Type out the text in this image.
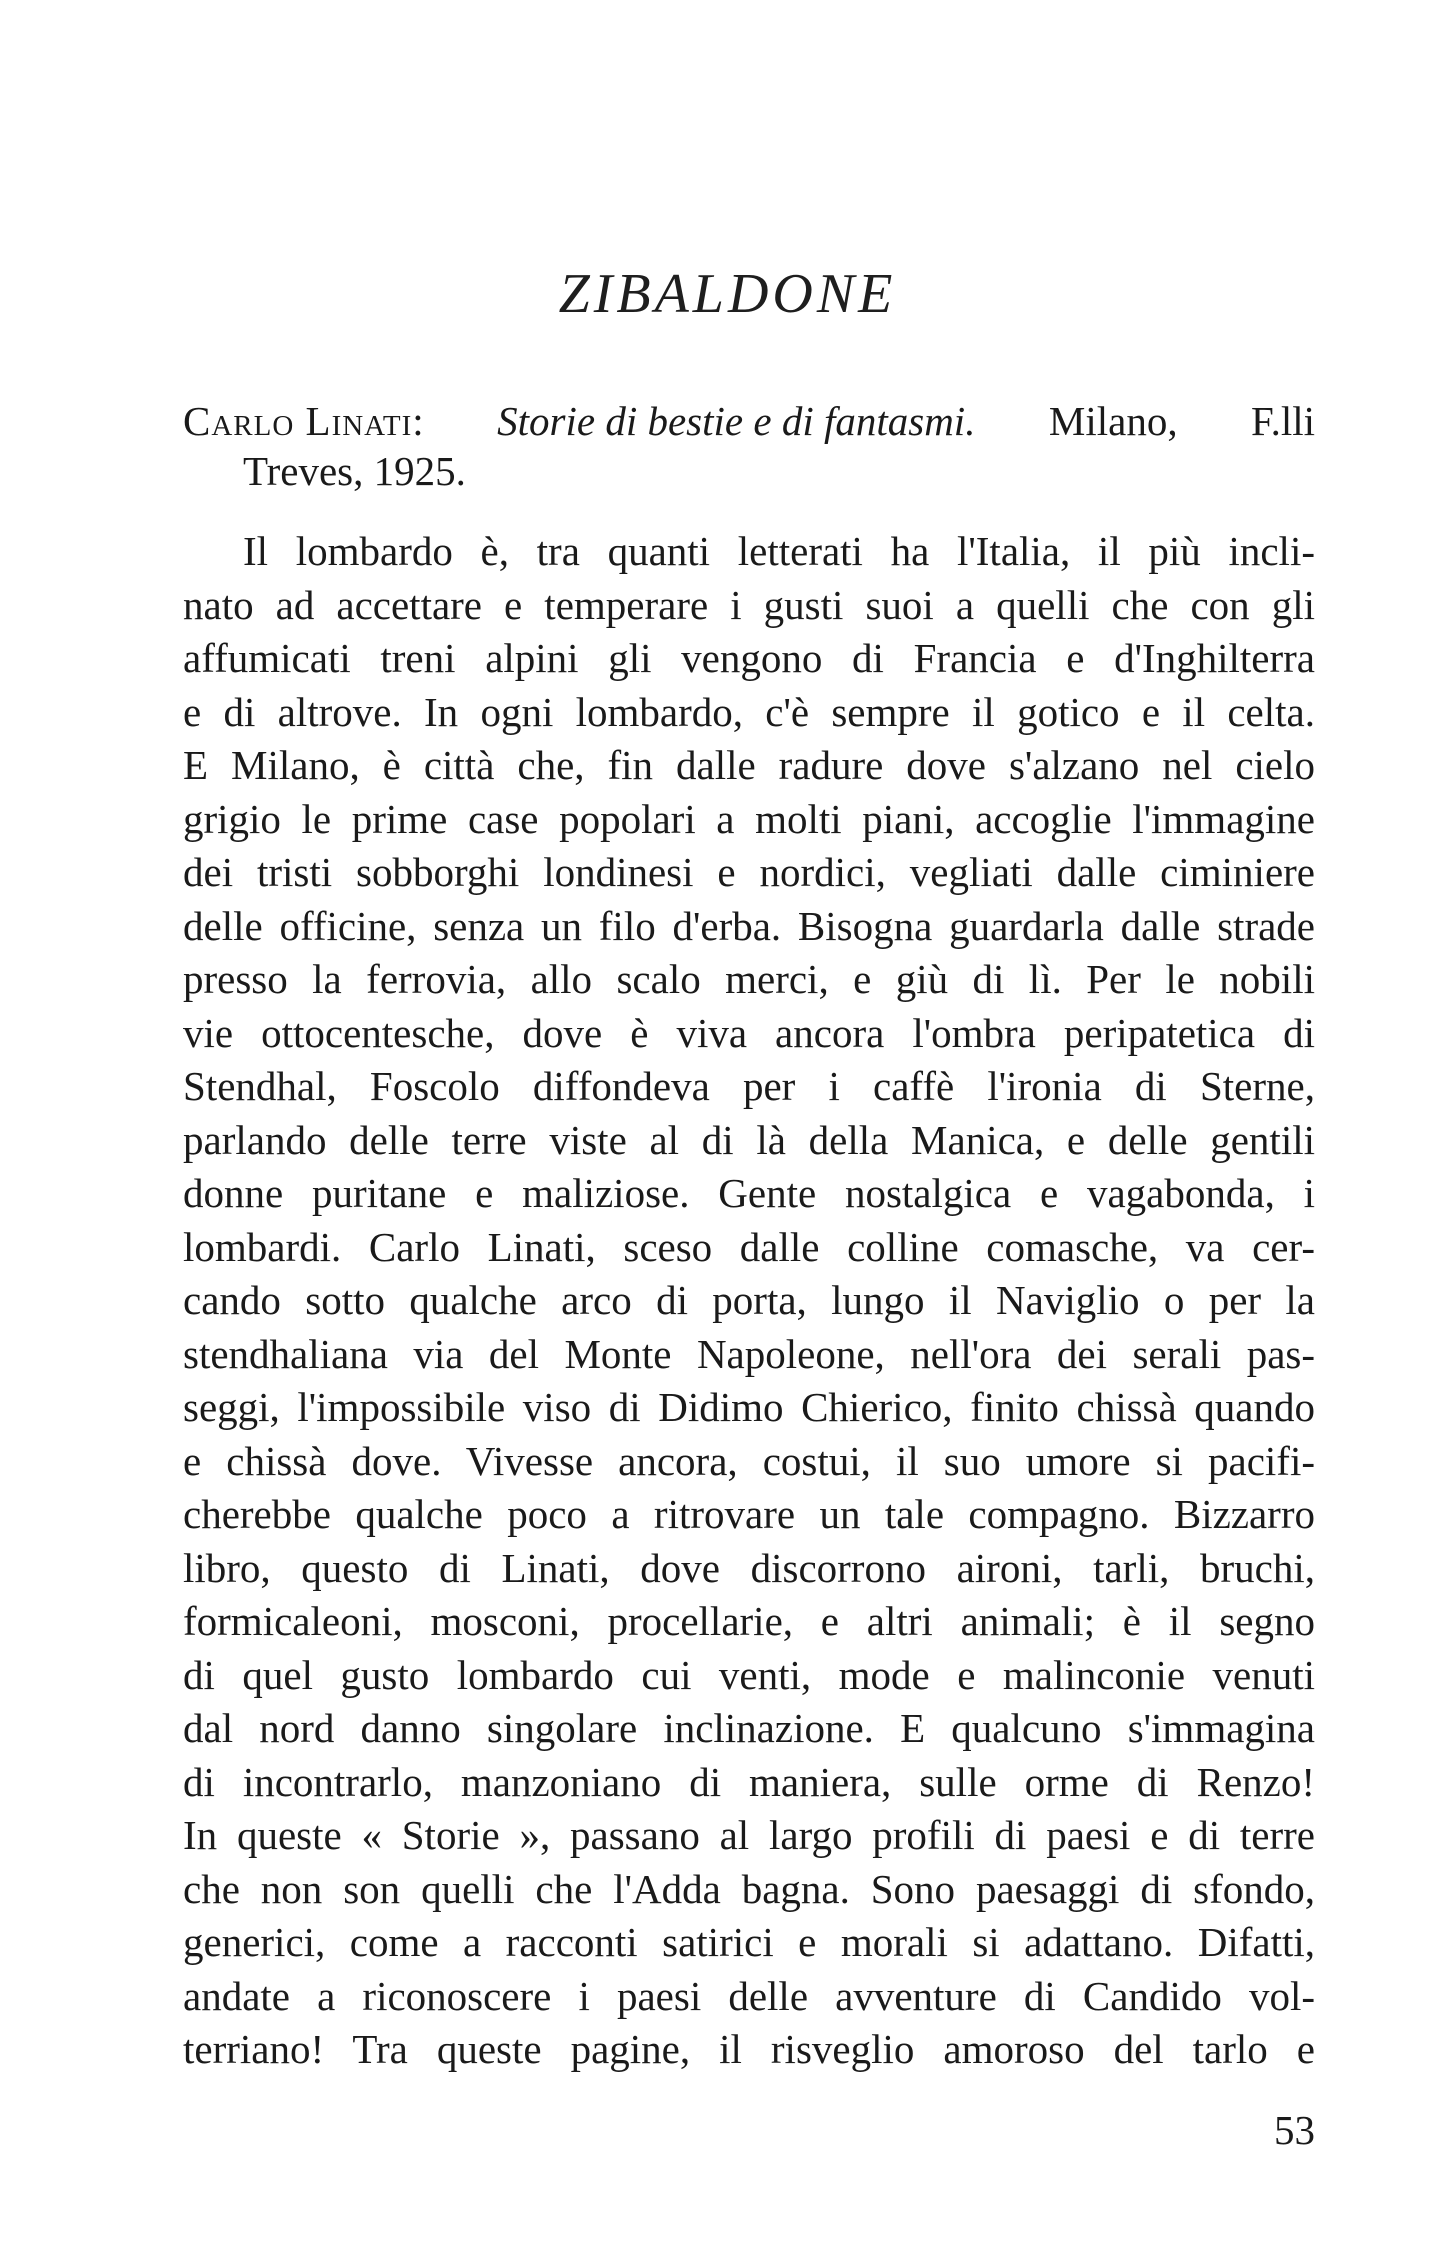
ZIBALDONE
Carlo Linati: Storie di bestie e di fantasmi. Milano, F.lli
Treves, 1925.
Il lombardo è, tra quanti letterati ha l'Italia, il più incli-
nato ad accettare e temperare i gusti suoi a quelli che con gli
affumicati treni alpini gli vengono di Francia e d'Inghilterra
e di altrove. In ogni lombardo, c'è sempre il gotico e il celta.
E Milano, è città che, fin dalle radure dove s'alzano nel cielo
grigio le prime case popolari a molti piani, accoglie l'immagine
dei tristi sobborghi londinesi e nordici, vegliati dalle ciminiere
delle officine, senza un filo d'erba. Bisogna guardarla dalle strade
presso la ferrovia, allo scalo merci, e giù di lì. Per le nobili
vie ottocentesche, dove è viva ancora l'ombra peripatetica di
Stendhal, Foscolo diffondeva per i caffè l'ironia di Sterne,
parlando delle terre viste al di là della Manica, e delle gentili
donne puritane e maliziose. Gente nostalgica e vagabonda, i
lombardi. Carlo Linati, sceso dalle colline comasche, va cer-
cando sotto qualche arco di porta, lungo il Naviglio o per la
stendhaliana via del Monte Napoleone, nell'ora dei serali pas-
seggi, l'impossibile viso di Didimo Chierico, finito chissà quando
e chissà dove. Vivesse ancora, costui, il suo umore si pacifi-
cherebbe qualche poco a ritrovare un tale compagno. Bizzarro
libro, questo di Linati, dove discorrono aironi, tarli, bruchi,
formicaleoni, mosconi, procellarie, e altri animali; è il segno
di quel gusto lombardo cui venti, mode e malinconie venuti
dal nord danno singolare inclinazione. E qualcuno s'immagina
di incontrarlo, manzoniano di maniera, sulle orme di Renzo!
In queste « Storie », passano al largo profili di paesi e di terre
che non son quelli che l'Adda bagna. Sono paesaggi di sfondo,
generici, come a racconti satirici e morali si adattano. Difatti,
andate a riconoscere i paesi delle avventure di Candido vol-
terriano! Tra queste pagine, il risveglio amoroso del tarlo e
53
